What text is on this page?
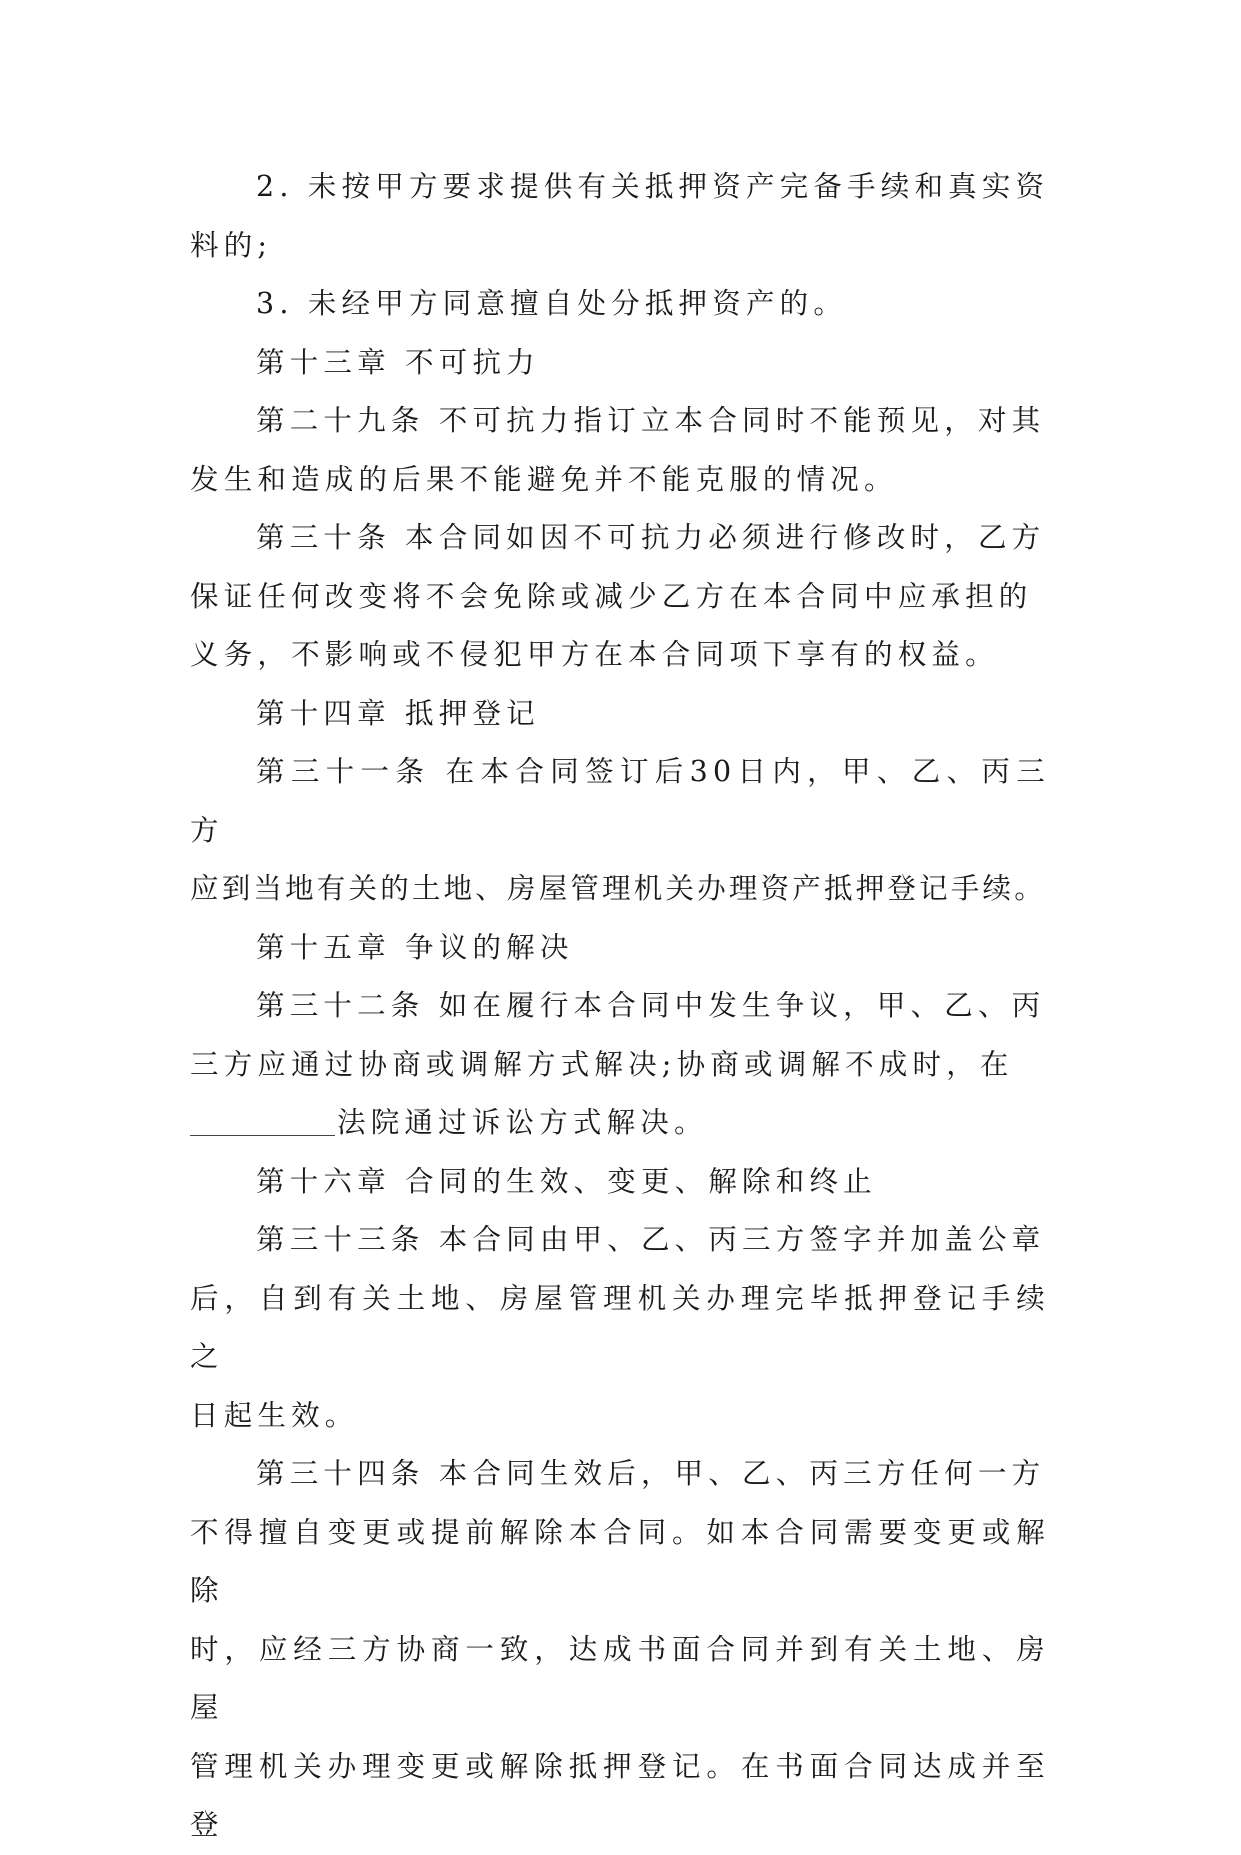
2. 未按甲方要求提供有关抵押资产完备手续和真实资
料的;

3. 未经甲方同意擅自处分抵押资产的。

第十三章 不可抗力

第二十九条 不可抗力指订立本合同时不能预见，对其
发生和造成的后果不能避免并不能克服的情况。

第三十条 本合同如因不可抗力必须进行修改时，乙方
保证任何改变将不会免除或减少乙方在本合同中应承担的
义务，不影响或不侵犯甲方在本合同项下享有的权益。

第十四章 抵押登记

第三十一条 在本合同签订后30日内，甲、乙、丙三方
应到当地有关的土地、房屋管理机关办理资产抵押登记手续。

第十五章 争议的解决

第三十二条 如在履行本合同中发生争议，甲、乙、丙
三方应通过协商或调解方式解决;协商或调解不成时，在
法院通过诉讼方式解决。

第十六章 合同的生效、变更、解除和终止

第三十三条 本合同由甲、乙、丙三方签字并加盖公章
后，自到有关土地、房屋管理机关办理完毕抵押登记手续之
日起生效。

第三十四条 本合同生效后，甲、乙、丙三方任何一方
不得擅自变更或提前解除本合同。如本合同需要变更或解除
时，应经三方协商一致，达成书面合同并到有关土地、房屋
管理机关办理变更或解除抵押登记。在书面合同达成并至登
